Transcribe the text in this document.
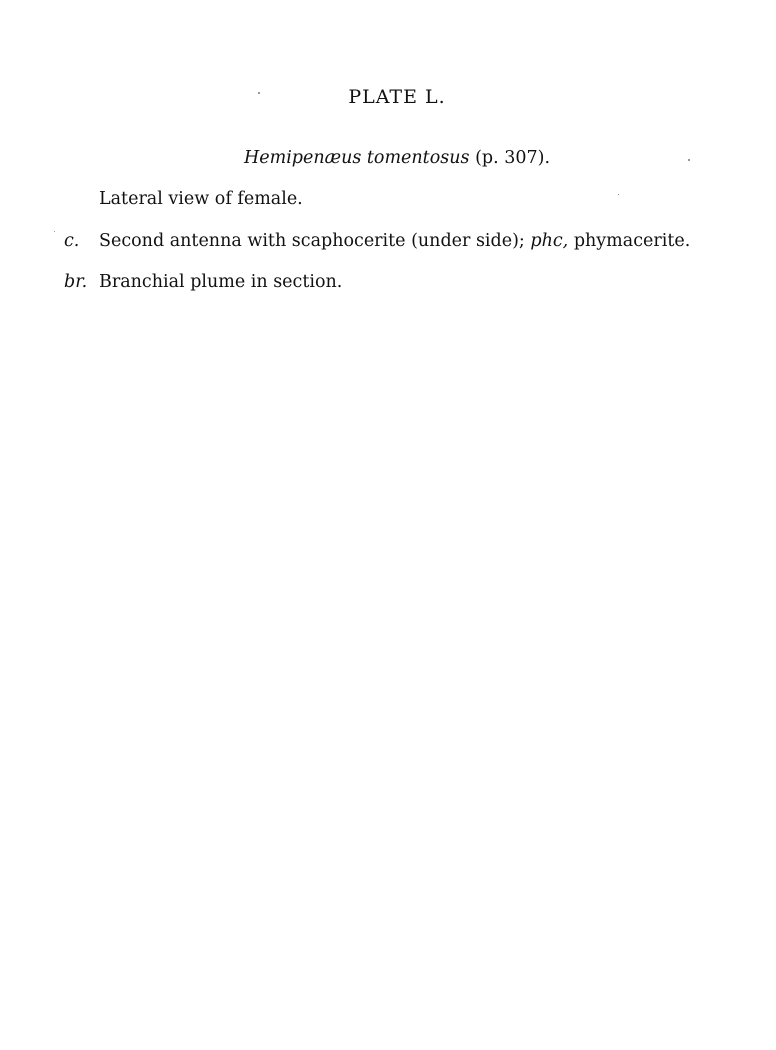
PLATE L.
Hemipenæus tomentosus (p. 307).
Lateral view of female.
c. Second antenna with scaphocerite (under side); phc, phymacerite.
br. Branchial plume in section.
